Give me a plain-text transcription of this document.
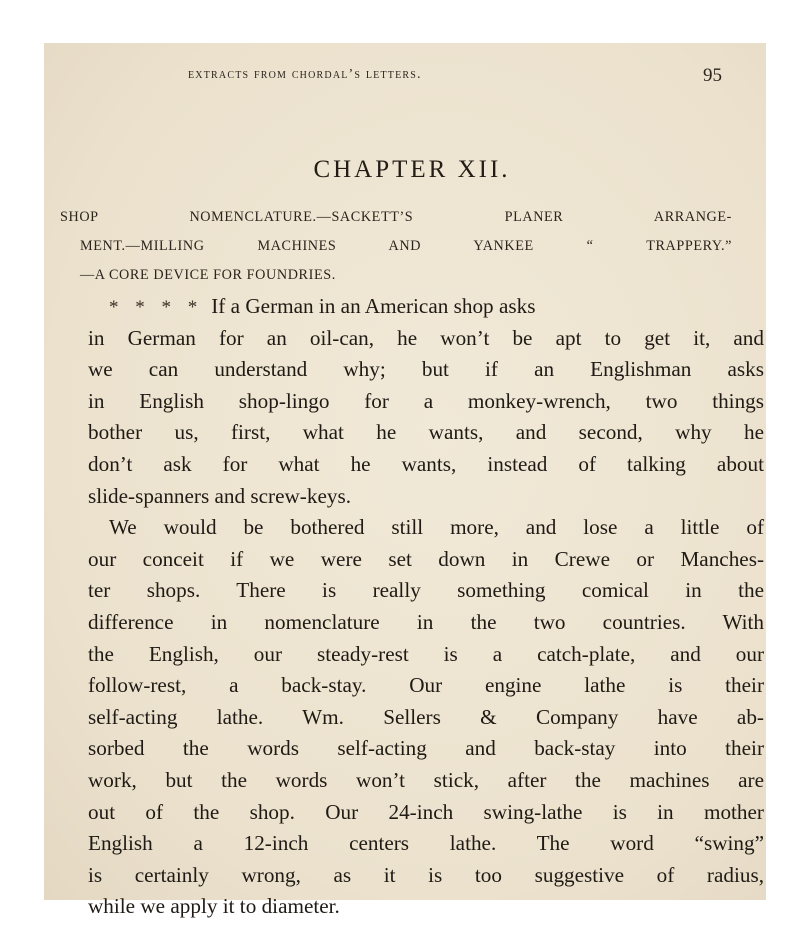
extracts from chordal’s letters.	95
CHAPTER XII.
SHOP NOMENCLATURE.—SACKETT’S PLANER ARRANGE-
MENT.—MILLING MACHINES AND YANKEE “ TRAPPERY.”
—A CORE DEVICE FOR FOUNDRIES.
* * * * If a German in an American shop asks
in German for an oil-can, he won’t be apt to get it, and
we can understand why; but if an Englishman asks
in English shop-lingo for a monkey-wrench, two things
bother us, first, what he wants, and second, why he
don’t ask for what he wants, instead of talking about
slide-spanners and screw-keys.
We would be bothered still more, and lose a little of
our conceit if we were set down in Crewe or Manches-
ter shops. There is really something comical in the
difference in nomenclature in the two countries. With
the English, our steady-rest is a catch-plate, and our
follow-rest, a back-stay. Our engine lathe is their
self-acting lathe. Wm. Sellers & Company have ab-
sorbed the words self-acting and back-stay into their
work, but the words won’t stick, after the machines are
out of the shop. Our 24-inch swing-lathe is in mother
English a 12-inch centers lathe. The word “swing”
is certainly wrong, as it is too suggestive of radius,
while we apply it to diameter.
